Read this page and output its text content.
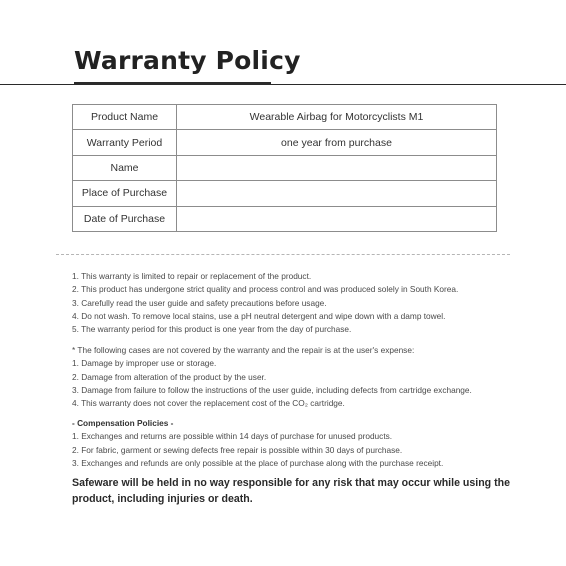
Warranty Policy
Product Name	Wearable Airbag for Motorcyclists M1
Warranty Period	one year from purchase
Name	
Place of Purchase	
Date of Purchase	
1. This warranty is limited to repair or replacement of the product.
2. This product has undergone strict quality and process control and was produced solely in South Korea.
3. Carefully read the user guide and safety precautions before usage.
4. Do not wash. To remove local stains, use a pH neutral detergent and wipe down with a damp towel.
5. The warranty period for this product is one year from the day of purchase.
* The following cases are not covered by the warranty and the repair is at the user's expense:
1. Damage by improper use or storage.
2. Damage from alteration of the product by the user.
3. Damage from failure to follow the instructions of the user guide, including defects from cartridge exchange.
4. This warranty does not cover the replacement cost of the CO₂ cartridge.
- Compensation Policies -
1. Exchanges and returns are possible within 14 days of purchase for unused products.
2. For fabric, garment or sewing defects free repair is possible within 30 days of purchase.
3. Exchanges and refunds are only possible at the place of purchase along with the purchase receipt.
Safeware will be held in no way responsible for any risk that may occur while using the product, including injuries or death.
